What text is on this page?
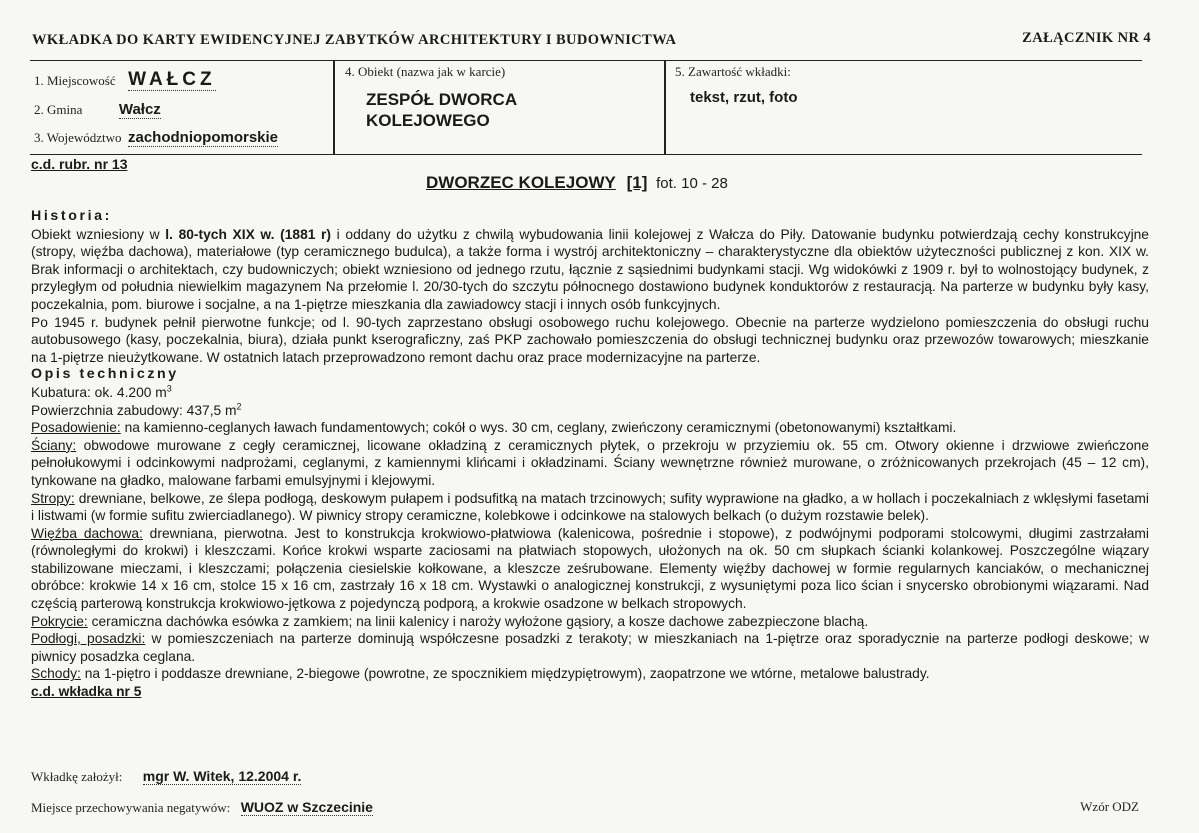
WKŁADKA DO KARTY EWIDENCYJNEJ ZABYTKÓW ARCHITEKTURY I BUDOWNICTWA	ZAŁĄCZNIK NR 4
1. Miejscowość WAŁCZ
2. Gmina Wałcz
3. Województwo zachodniopomorskie
4. Obiekt (nazwa jak w karcie)
ZESPÓŁ DWORCA
KOLEJOWEGO
5. Zawartość wkładki:
tekst, rzut, foto
c.d. rubr. nr 13
DWORZEC KOLEJOWY [1] fot. 10 - 28

Historia:

Obiekt wzniesiony w l. 80-tych XIX w. (1881 r) i oddany do użytku z chwilą wybudowania linii kolejowej z Wałcza do Piły. Datowanie budynku potwierdzają cechy konstrukcyjne (stropy, więźba dachowa), materiałowe (typ ceramicznego budulca), a także forma i wystrój architektoniczny – charakterystyczne dla obiektów użyteczności publicznej z kon. XIX w. Brak informacji o architektach, czy budowniczych; obiekt wzniesiono od jednego rzutu, łącznie z sąsiednimi budynkami stacji. Wg widokówki z 1909 r. był to wolnostojący budynek, z przyległym od południa niewielkim magazynem Na przełomie l. 20/30-tych do szczytu północnego dostawiono budynek konduktorów z restauracją. Na parterze w budynku były kasy, poczekalnia, pom. biurowe i socjalne, a na 1-piętrze mieszkania dla zawiadowcy stacji i innych osób funkcyjnych.

Po 1945 r. budynek pełnił pierwotne funkcje; od l. 90-tych zaprzestano obsługi osobowego ruchu kolejowego. Obecnie na parterze wydzielono pomieszczenia do obsługi ruchu autobusowego (kasy, poczekalnia, biura), działa punkt kserograficzny, zaś PKP zachowało pomieszczenia do obsługi technicznej budynku oraz przewozów towarowych; mieszkanie na 1-piętrze nieużytkowane. W ostatnich latach przeprowadzono remont dachu oraz prace modernizacyjne na parterze.

Opis techniczny

Kubatura: ok. 4.200 $m^3$

Powierzchnia zabudowy: 437,5 $m^2$

Posadowienie: na kamienno-ceglanych ławach fundamentowych; cokół o wys. 30 cm, ceglany, zwieńczony ceramicznymi (obetonowanymi) kształtkami.

Ściany: obwodowe murowane z cegły ceramicznej, licowane okładziną z ceramicznych płytek, o przekroju w przyziemiu ok. 55 cm. Otwory okienne i drzwiowe zwieńczone pełnołukowymi i odcinkowymi nadprożami, ceglanymi, z kamiennymi klińcami i okładzinami. Ściany wewnętrzne również murowane, o zróżnicowanych przekrojach (45 – 12 cm), tynkowane na gładko, malowane farbami emulsyjnymi i klejowymi.

Stropy: drewniane, belkowe, ze ślepa podłogą, deskowym pułapem i podsufitką na matach trzcinowych; sufity wyprawione na gładko, a w hollach i poczekalniach z wklęsłymi fasetami i listwami (w formie sufitu zwierciadlanego). W piwnicy stropy ceramiczne, kolebkowe i odcinkowe na stalowych belkach (o dużym rozstawie belek).

Więźba dachowa: drewniana, pierwotna. Jest to konstrukcja krokwiowo-płatwiowa (kalenicowa, pośrednie i stopowe), z podwójnymi podporami stolcowymi, długimi zastrzałami (równoległymi do krokwi) i kleszczami. Końce krokwi wsparte zaciosami na płatwiach stopowych, ułożonych na ok. 50 cm słupkach ścianki kolankowej. Poszczególne wiązary stabilizowane mieczami, i kleszczami; połączenia ciesielskie kołkowane, a kleszcze ześrubowane. Elementy więźby dachowej w formie regularnych kanciaków, o mechanicznej obróbce: krokwie 14 x 16 cm, stolce 15 x 16 cm, zastrzały 16 x 18 cm. Wystawki o analogicznej konstrukcji, z wysuniętymi poza lico ścian i snycersko obrobionymi wiązarami. Nad częścią parterową konstrukcja krokwiowo-jętkowa z pojedynczą podporą, a krokwie osadzone w belkach stropowych.

Pokrycie: ceramiczna dachówka esówka z zamkiem; na linii kalenicy i naroży wyłożone gąsiory, a kosze dachowe zabezpieczone blachą.

Podłogi, posadzki: w pomieszczeniach na parterze dominują współczesne posadzki z terakoty; w mieszkaniach na 1-piętrze oraz sporadycznie na parterze podłogi deskowe; w piwnicy posadzka ceglana.

Schody: na 1-piętro i poddasze drewniane, 2-biegowe (powrotne, ze spocznikiem międzypiętrowym), zaopatrzone we wtórne, metalowe balustrady.

c.d. wkładka nr 5

Wkładkę założył: mgr W. Witek, 12.2004 r.
Miejsce przechowywania negatywów: WUOZ w Szczecinie	Wzór ODZ
